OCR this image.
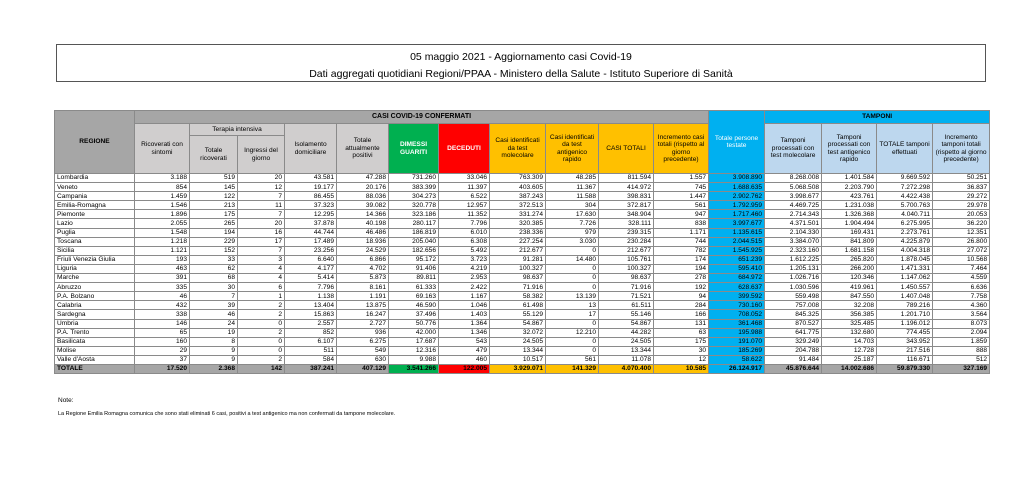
05 maggio 2021 - Aggiornamento casi Covid-19
Dati aggregati quotidiani Regioni/PPAA - Ministero della Salute - Istituto Superiore di Sanità
REGIONE	CASI COVID-19 CONFERMATI											Totale persone testate	TAMPONI			
	Ricoverati con sintomi	Terapia intensiva		Isolamento domiciliare	Totale attualmente positivi	DIMESSI GUARITI	DECEDUTI	Casi identificati da test molecolare	Casi identificati da test antigenico rapido	CASI TOTALI	Incremento casi totali (rispetto al giorno precedente)		Tamponi processati con test molecolare	Tamponi processati con test antigenico rapido	TOTALE tamponi effettuati	Incremento tamponi totali (rispetto al giorno precedente)
		Totale ricoverati	Ingressi del giorno													
Lombardia	3.188	519	20	43.581	47.288	731.260	33.046	763.309	48.285	811.594	1.557	3.908.890	8.268.008	1.401.584	9.669.592	50.251
Veneto	854	145	12	19.177	20.176	383.399	11.397	403.605	11.367	414.972	745	1.688.635	5.068.508	2.203.790	7.272.298	36.837
Campania	1.459	122	7	86.455	88.036	304.273	6.522	387.243	11.588	398.831	1.447	2.902.762	3.998.677	423.761	4.422.438	29.272
Emilia-Romagna	1.546	213	11	37.323	39.082	320.778	12.957	372.513	304	372.817	561	1.792.959	4.469.725	1.231.038	5.700.763	29.978
Piemonte	1.896	175	7	12.295	14.366	323.186	11.352	331.274	17.630	348.904	947	1.717.460	2.714.343	1.326.368	4.040.711	20.053
Lazio	2.055	265	20	37.878	40.198	280.117	7.796	320.385	7.726	328.111	838	3.997.677	4.371.501	1.904.494	6.275.995	36.220
Puglia	1.548	194	16	44.744	46.486	186.819	6.010	238.336	979	239.315	1.171	1.135.615	2.104.330	169.431	2.273.761	12.351
Toscana	1.218	229	17	17.489	18.936	205.040	6.308	227.254	3.030	230.284	744	2.044.515	3.384.070	841.809	4.225.879	26.800
Sicilia	1.121	152	7	23.256	24.529	182.656	5.492	212.677	0	212.677	782	1.545.925	2.323.160	1.681.158	4.004.318	27.072
Friuli Venezia Giulia	193	33	3	6.640	6.866	95.172	3.723	91.281	14.480	105.761	174	651.239	1.612.225	265.820	1.878.045	10.568
Liguria	463	62	4	4.177	4.702	91.406	4.219	100.327	0	100.327	194	595.410	1.205.131	266.200	1.471.331	7.464
Marche	391	68	4	5.414	5.873	89.811	2.953	98.637	0	98.637	278	684.972	1.026.716	120.346	1.147.062	4.559
Abruzzo	335	30	6	7.796	8.161	61.333	2.422	71.916	0	71.916	192	628.637	1.030.596	419.961	1.450.557	6.636
P.A. Bolzano	46	7	1	1.138	1.191	69.163	1.167	58.382	13.139	71.521	94	399.592	559.498	847.550	1.407.048	7.758
Calabria	432	39	2	13.404	13.875	46.590	1.046	61.498	13	61.511	284	730.160	757.008	32.208	789.216	4.360
Sardegna	338	46	2	15.863	16.247	37.496	1.403	55.129	17	55.146	166	708.052	845.325	356.385	1.201.710	3.564
Umbria	146	24	0	2.557	2.727	50.776	1.364	54.867	0	54.867	131	361.468	870.527	325.485	1.196.012	8.073
P.A. Trento	65	19	2	852	936	42.000	1.346	32.072	12.210	44.282	63	195.988	641.775	132.680	774.455	2.094
Basilicata	160	8	0	6.107	6.275	17.687	543	24.505	0	24.505	175	191.070	329.249	14.703	343.952	1.859
Molise	29	9	0	511	549	12.316	479	13.344	0	13.344	30	185.269	204.788	12.728	217.516	888
Valle d'Aosta	37	9	2	584	630	9.988	460	10.517	561	11.078	12	58.622	91.484	25.187	116.671	512
TOTALE	17.520	2.368	142	387.241	407.129	3.541.266	122.005	3.929.071	141.329	4.070.400	10.585	26.124.917	45.876.644	14.002.686	59.879.330	327.169
Note:
La Regione Emilia Romagna comunica che sono stati eliminati 6 casi, positivi a test antigenico ma non confermati da tampone molecolare.
